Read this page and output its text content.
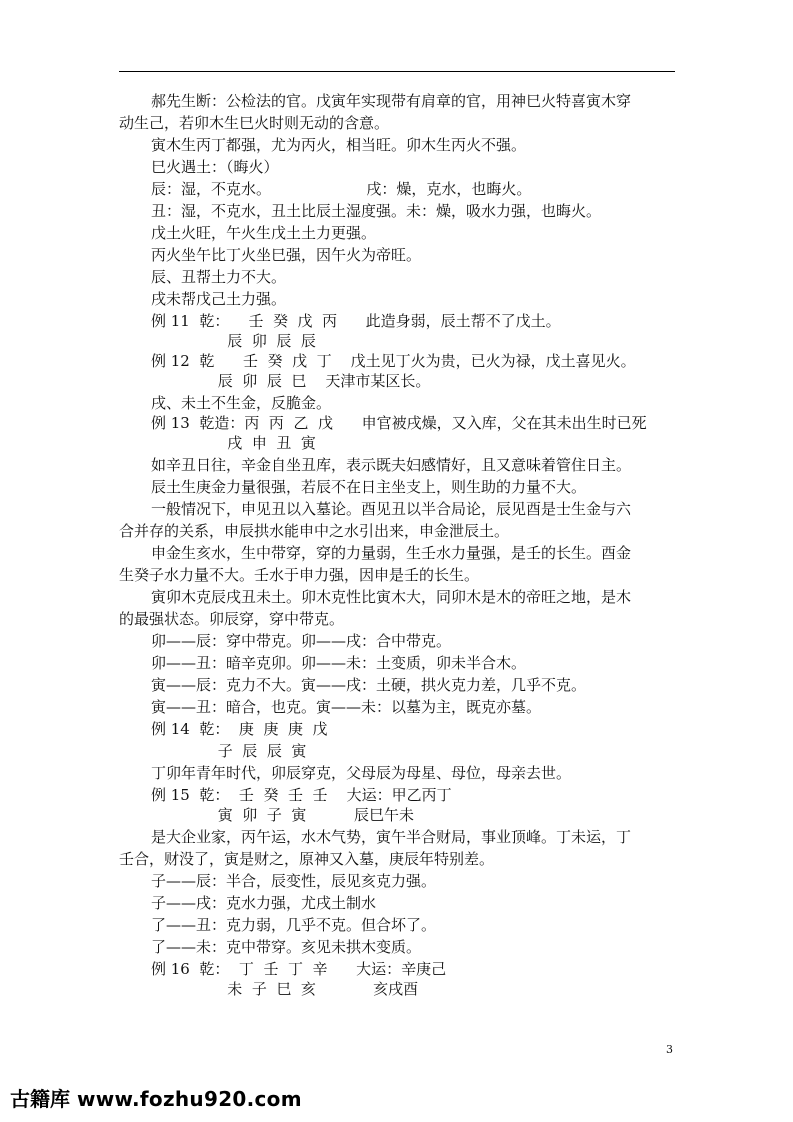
郝先生断：公检法的官。戊寅年实现带有肩章的官，用神巳火特喜寅木穿
动生己，若卯木生巳火时则无动的含意。
寅木生丙丁都强，尤为丙火，相当旺。卯木生丙火不强。
巳火遇土：（晦火）
辰：湿，不克水。                    戌：燥，克水，也晦火。
丑：湿，不克水，丑土比辰土湿度强。未：燥，吸水力强，也晦火。
戊土火旺，午火生戊土土力更强。
丙火坐午比丁火坐巳强，因午火为帝旺。
辰、丑帮土力不大。
戌未帮戊己土力强。
例 11  乾：    壬  癸  戊  丙      此造身弱，辰土帮不了戊土。
辰  卯  辰  辰
例 12  乾      壬  癸  戊  丁    戊土见丁火为贵，已火为禄，戊土喜见火。
辰  卯  辰  巳    天津市某区长。
戌、未土不生金，反脆金。
例 13  乾造：丙  丙  乙  戊      申官被戌燥，又入库，父在其未出生时已死
戌  申  丑  寅
如辛丑日往，辛金自坐丑库，表示既夫妇感情好，且又意味着管住日主。
辰土生庚金力量很强，若辰不在日主坐支上，则生助的力量不大。
一般情况下，申见丑以入墓论。酉见丑以半合局论，辰见酉是士生金与六
合并存的关系，申辰拱水能申中之水引出来，申金泄辰土。
申金生亥水，生中带穿，穿的力量弱，生壬水力量强，是壬的长生。酉金
生癸子水力量不大。壬水于申力强，因申是壬的长生。
寅卯木克辰戌丑未土。卯木克性比寅木大，同卯木是木的帝旺之地，是木
的最强状态。卯辰穿，穿中带克。
卯——辰：穿中带克。卯——戌：合中带克。
卯——丑：暗辛克卯。卯——未：土变质，卯未半合木。
寅——辰：克力不大。寅——戌：土硬，拱火克力差，几乎不克。
寅——丑：暗合，也克。寅——未：以墓为主，既克亦墓。
例 14  乾：  庚  庚  庚  戊
子  辰  辰  寅
丁卯年青年时代，卯辰穿克，父母辰为母星、母位，母亲去世。
例 15  乾：  壬  癸  壬  壬    大运：甲乙丙丁
寅  卯  子  寅          辰巳午未
是大企业家，丙午运，水木气势，寅午半合财局，事业顶峰。丁未运，丁
壬合，财没了，寅是财之，原神又入墓，庚辰年特别差。
子——辰：半合，辰变性，辰见亥克力强。
子——戌：克水力强，尤戌土制水
了——丑：克力弱，几乎不克。但合坏了。
了——未：克中带穿。亥见未拱木变质。
例 16  乾：  丁  壬  丁  辛      大运：辛庚己
未  子  巳  亥            亥戌酉
3
古籍库 www.fozhu920.com
